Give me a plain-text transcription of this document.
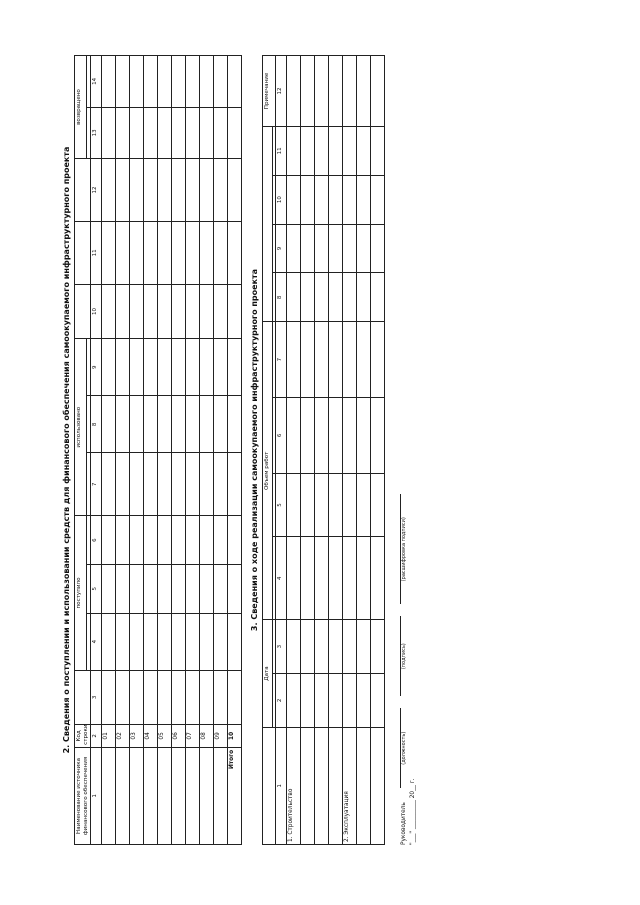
2. Сведения о поступлении и использовании средств для финансового обеспечения самоокупаемого инфраструктурного проекта
Наименование источника финансового обеспечения	Код строки		поступило			использовано						возвращено	

1	2	3	4	5	6	7	8	9	10	11	12	13	14
	01												
	02												
	03												
	04												
	05												
	06												
	07												
	08												
	09												
Итого	10												
3. Сведения о ходе реализации самоокупаемого инфраструктурного проекта
	Дата		Объем работ								Примечание

1	2	3	4	5	6	7	8	9	10	11	12
1. Строительство											

2. Эксплуатация											

												Руководитель
(должность)
(подпись)
(расшифровка подписи)
"___" __________ 20__ г.
